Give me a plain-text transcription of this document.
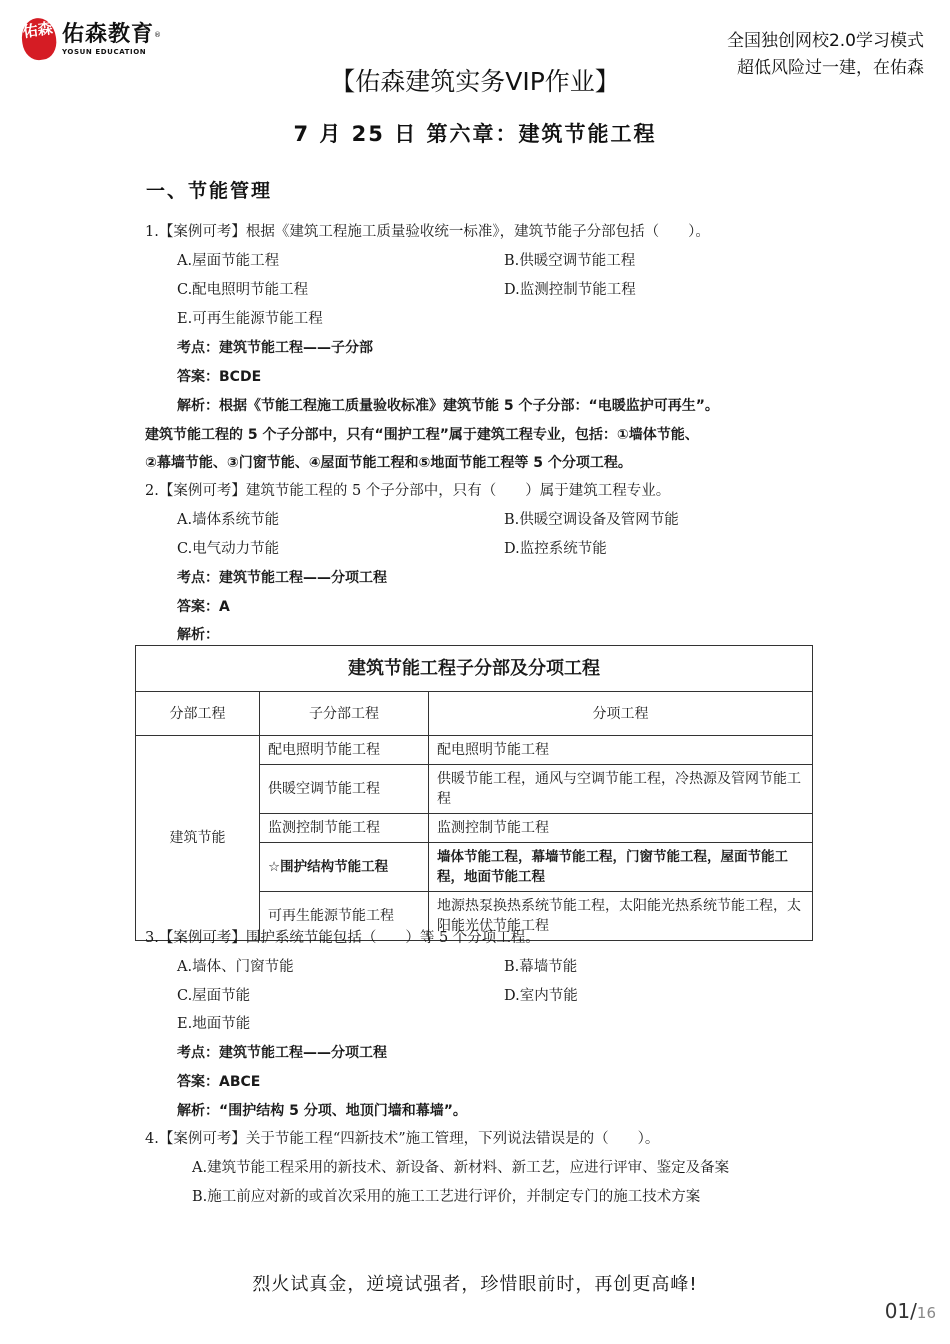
佑森 佑森教育®
YOSUN EDUCATION
全国独创网校2.0学习模式
超低风险过一建，在佑森
【佑森建筑实务VIP作业】
7 月 25 日 第六章：建筑节能工程
一、节能管理
1.【案例可考】根据《建筑工程施工质量验收统一标准》，建筑节能子分部包括（　　）。
A.屋面节能工程	B.供暖空调节能工程
C.配电照明节能工程	D.监测控制节能工程
E.可再生能源节能工程
考点：建筑节能工程——子分部
答案：BCDE
解析：根据《节能工程施工质量验收标准》建筑节能 5 个子分部：“电暖监护可再生”。
建筑节能工程的 5 个子分部中，只有“围护工程”属于建筑工程专业，包括：①墙体节能、
②幕墙节能、③门窗节能、④屋面节能工程和⑤地面节能工程等 5 个分项工程。
2.【案例可考】建筑节能工程的 5 个子分部中，只有（　　）属于建筑工程专业。
A.墙体系统节能	B.供暖空调设备及管网节能
C.电气动力节能	D.监控系统节能
考点：建筑节能工程——分项工程
答案：A
解析：
建筑节能工程子分部及分项工程		
分部工程	子分部工程	分项工程
建筑节能	配电照明节能工程	配电照明节能工程
	供暖空调节能工程	供暖节能工程，通风与空调节能工程，冷热源及管网节能工程
	监测控制节能工程	监测控制节能工程
	☆围护结构节能工程	墙体节能工程，幕墙节能工程，门窗节能工程，屋面节能工程，地面节能工程
	可再生能源节能工程	地源热泵换热系统节能工程，太阳能光热系统节能工程，太阳能光伏节能工程
3.【案例可考】围护系统节能包括（　　）等 5 个分项工程。
A.墙体、门窗节能	B.幕墙节能
C.屋面节能	D.室内节能
E.地面节能
考点：建筑节能工程——分项工程
答案：ABCE
解析：“围护结构 5 分项、地顶门墙和幕墙”。
4.【案例可考】关于节能工程“四新技术”施工管理，下列说法错误是的（　　）。
A.建筑节能工程采用的新技术、新设备、新材料、新工艺，应进行评审、鉴定及备案
B.施工前应对新的或首次采用的施工工艺进行评价，并制定专门的施工技术方案
烈火试真金，逆境试强者，珍惜眼前时，再创更高峰!
01/16
